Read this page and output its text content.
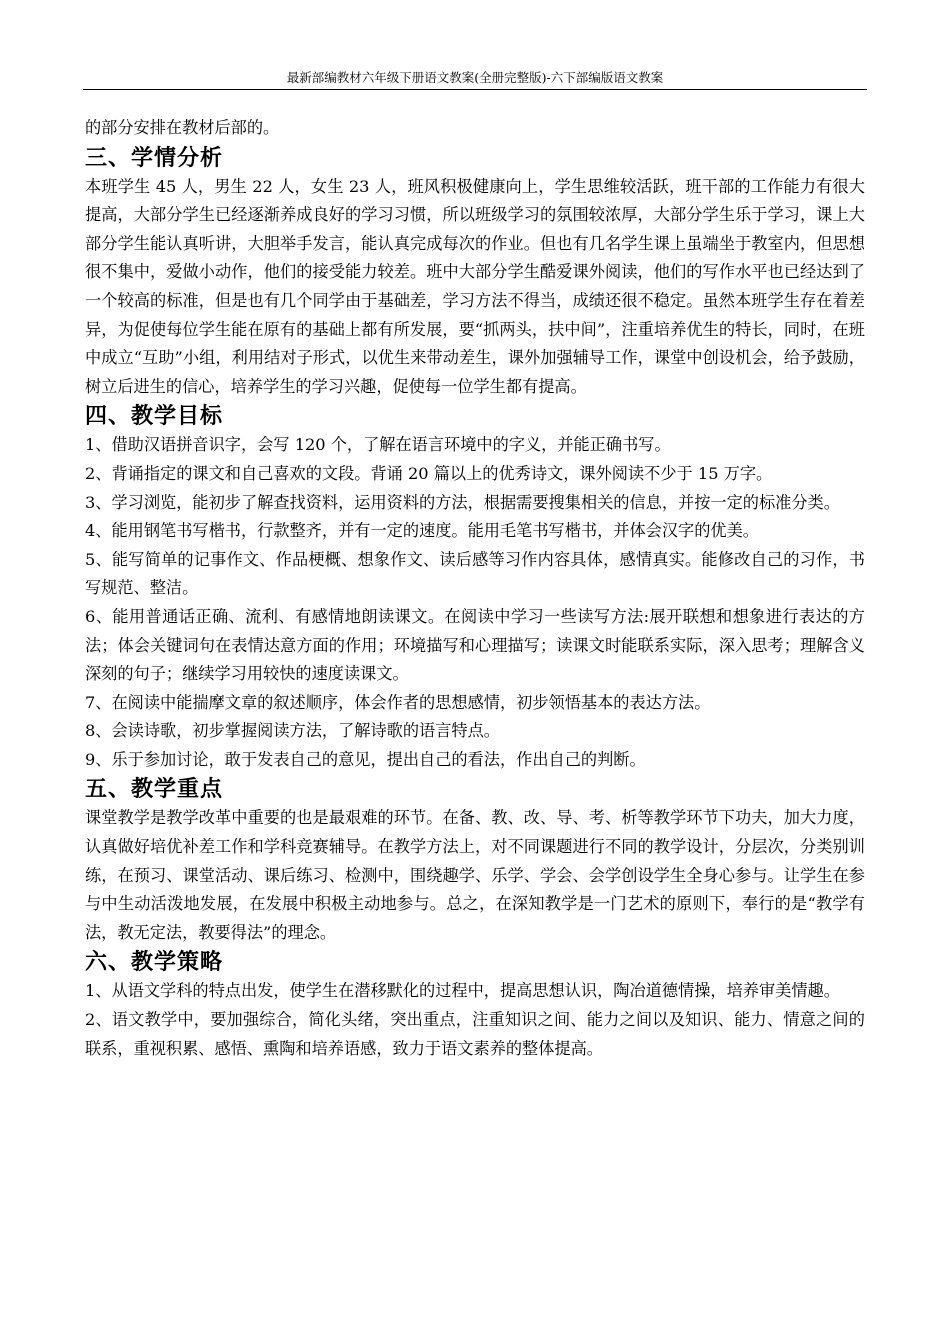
最新部编教材六年级下册语文教案(全册完整版)-六下部编版语文教案

的部分安排在教材后部的。

三、学情分析

本班学生 45 人，男生 22 人，女生 23 人，班风积极健康向上，学生思维较活跃，班干部的工作能力有很大提高，大部分学生已经逐渐养成良好的学习习惯，所以班级学习的氛围较浓厚，大部分学生乐于学习，课上大部分学生能认真听讲，大胆举手发言，能认真完成每次的作业。但也有几名学生课上虽端坐于教室内，但思想很不集中，爱做小动作，他们的接受能力较差。班中大部分学生酷爱课外阅读，他们的写作水平也已经达到了一个较高的标准，但是也有几个同学由于基础差，学习方法不得当，成绩还很不稳定。虽然本班学生存在着差异，为促使每位学生能在原有的基础上都有所发展，要“抓两头，扶中间”，注重培养优生的特长，同时，在班中成立“互助”小组，利用结对子形式，以优生来带动差生，课外加强辅导工作，课堂中创设机会，给予鼓励，树立后进生的信心，培养学生的学习兴趣，促使每一位学生都有提高。

四、教学目标

1、借助汉语拼音识字，会写 120 个，了解在语言环境中的字义，并能正确书写。

2、背诵指定的课文和自己喜欢的文段。背诵 20 篇以上的优秀诗文，课外阅读不少于 15 万字。

3、学习浏览，能初步了解查找资料，运用资料的方法，根据需要搜集相关的信息，并按一定的标准分类。

4、能用钢笔书写楷书，行款整齐，并有一定的速度。能用毛笔书写楷书，并体会汉字的优美。

5、能写简单的记事作文、作品梗概、想象作文、读后感等习作内容具体，感情真实。能修改自己的习作，书写规范、整洁。

6、能用普通话正确、流利、有感情地朗读课文。在阅读中学习一些读写方法:展开联想和想象进行表达的方法；体会关键词句在表情达意方面的作用；环境描写和心理描写；读课文时能联系实际，深入思考；理解含义深刻的句子；继续学习用较快的速度读课文。

7、在阅读中能揣摩文章的叙述顺序，体会作者的思想感情，初步领悟基本的表达方法。

8、会读诗歌，初步掌握阅读方法，了解诗歌的语言特点。

9、乐于参加讨论，敢于发表自己的意见，提出自己的看法，作出自己的判断。

五、教学重点

课堂教学是教学改革中重要的也是最艰难的环节。在备、教、改、导、考、析等教学环节下功夫，加大力度，认真做好培优补差工作和学科竞赛辅导。在教学方法上，对不同课题进行不同的教学设计，分层次，分类别训练，在预习、课堂活动、课后练习、检测中，围绕趣学、乐学、学会、会学创设学生全身心参与。让学生在参与中生动活泼地发展，在发展中积极主动地参与。总之，在深知教学是一门艺术的原则下，奉行的是“教学有法，教无定法，教要得法”的理念。

六、教学策略

1、从语文学科的特点出发，使学生在潜移默化的过程中，提高思想认识，陶冶道德情操，培养审美情趣。

2、语文教学中，要加强综合，简化头绪，突出重点，注重知识之间、能力之间以及知识、能力、情意之间的联系，重视积累、感悟、熏陶和培养语感，致力于语文素养的整体提高。
